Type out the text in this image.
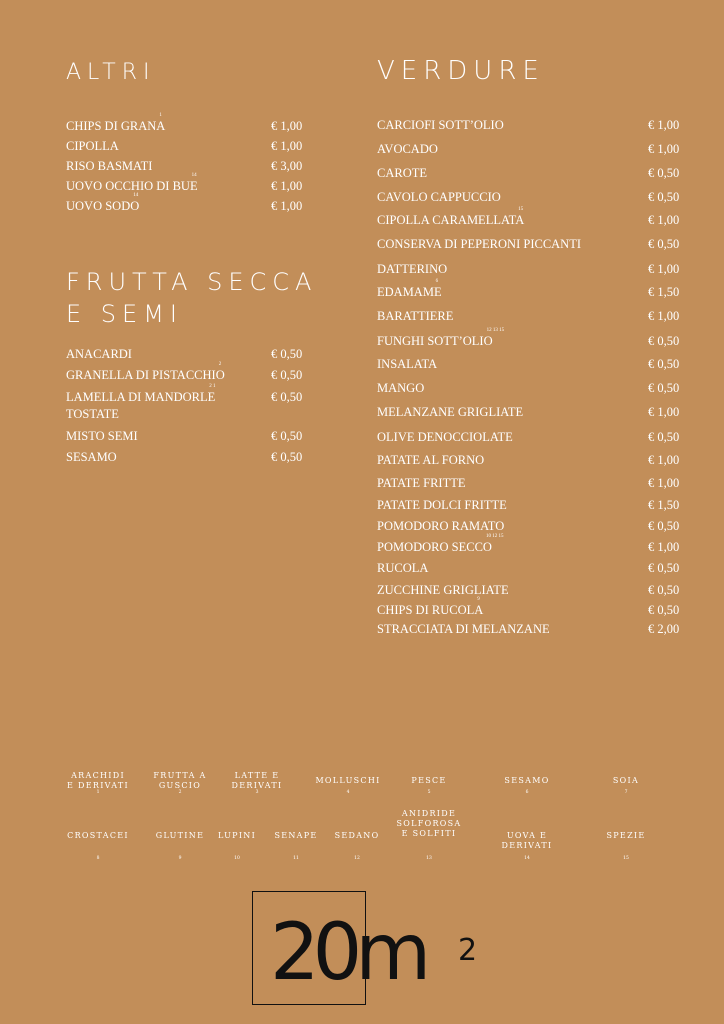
ALTRI
FRUTTA SECCA
E SEMI
VERDURE
20m 2
CHIPS DI GRANA	€ 1,00
1
CIPOLLA	€ 1,00
RISO BASMATI	€ 3,00
UOVO OCCHIO DI BUE	€ 1,00
14
UOVO SODO	€ 1,00
14
ANACARDI	€ 0,50
GRANELLA DI PISTACCHIO	€ 0,50
2
LAMELLA DI MANDORLE
TOSTATE
€ 0,50
2 1
MISTO SEMI	€ 0,50
SESAMO	€ 0,50
CARCIOFI SOTT’OLIO	€ 1,00
AVOCADO	€ 1,00
CAROTE	€ 0,50
CAVOLO CAPPUCCIO	€ 0,50
CIPOLLA CARAMELLATA	€ 1,00
15
CONSERVA DI PEPERONI PICCANTI	€ 0,50
DATTERINO	€ 1,00
EDAMAME	€ 1,50
6
BARATTIERE	€ 1,00
FUNGHI SOTT’OLIO	€ 0,50
12 13 15
INSALATA	€ 0,50
MANGO	€ 0,50
MELANZANE GRIGLIATE	€ 1,00
OLIVE DENOCCIOLATE	€ 0,50
PATATE AL FORNO	€ 1,00
PATATE FRITTE	€ 1,00
PATATE DOLCI FRITTE	€ 1,50
POMODORO RAMATO	€ 0,50
POMODORO SECCO	€ 1,00
10 12 15
RUCOLA	€ 0,50
ZUCCHINE GRIGLIATE	€ 0,50
CHIPS DI RUCOLA	€ 0,50
9
STRACCIATA DI MELANZANE	€ 2,00
ARACHIDI
E DERIVATI
1
FRUTTA A
GUSCIO
2
LATTE E
DERIVATI
3
MOLLUSCHI
4
PESCE
5
SESAMO
6
SOIA
7
CROSTACEI
8
GLUTINE
9
LUPINI
10
SENAPE
11
SEDANO
12
ANIDRIDE
SOLFOROSA
E SOLFITI
13
UOVA E DERIVATI
14
SPEZIE
15
